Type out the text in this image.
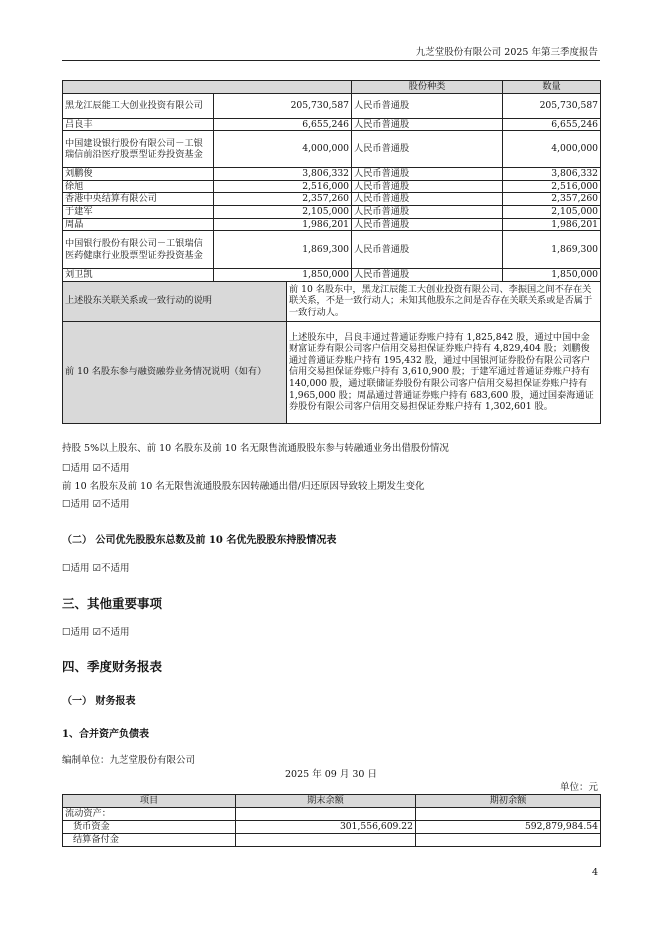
九芝堂股份有限公司 2025 年第三季度报告
			股份种类	数量
黑龙江辰能工大创业投资有限公司	205,730,587		人民币普通股	205,730,587
吕良丰	6,655,246		人民币普通股	6,655,246
中国建设银行股份有限公司－工银瑞信前沿医疗股票型证券投资基金	4,000,000		人民币普通股	4,000,000
刘鹏俊	3,806,332		人民币普通股	3,806,332
徐旭	2,516,000		人民币普通股	2,516,000
香港中央结算有限公司	2,357,260		人民币普通股	2,357,260
于建军	2,105,000		人民币普通股	2,105,000
周晶	1,986,201		人民币普通股	1,986,201
中国银行股份有限公司－工银瑞信医药健康行业股票型证券投资基金	1,869,300		人民币普通股	1,869,300
刘卫凯	1,850,000		人民币普通股	1,850,000
上述股东关联关系或一致行动的说明		前 10 名股东中，黑龙江辰能工大创业投资有限公司、李振国之间不存在关联关系，不是一致行动人；未知其他股东之间是否存在关联关系或是否属于一致行动人。		
前 10 名股东参与融资融券业务情况说明（如有）		上述股东中，吕良丰通过普通证券账户持有 1,825,842 股，通过中国中金财富证券有限公司客户信用交易担保证券账户持有 4,829,404 股；刘鹏俊通过普通证券账户持有 195,432 股，通过中国银河证券股份有限公司客户信用交易担保证券账户持有 3,610,900 股；于建军通过普通证券账户持有 140,000 股，通过联储证券股份有限公司客户信用交易担保证券账户持有 1,965,000 股；周晶通过普通证券账户持有 683,600 股，通过国泰海通证券股份有限公司客户信用交易担保证券账户持有 1,302,601 股。		
持股 5%以上股东、前 10 名股东及前 10 名无限售流通股股东参与转融通业务出借股份情况
☐适用 ☑不适用
前 10 名股东及前 10 名无限售流通股股东因转融通出借/归还原因导致较上期发生变化
☐适用 ☑不适用
（二） 公司优先股股东总数及前 10 名优先股股东持股情况表
☐适用 ☑不适用
三、其他重要事项
☐适用 ☑不适用
四、季度财务报表
（一） 财务报表
1、合并资产负债表
编制单位：九芝堂股份有限公司
2025 年 09 月 30 日
单位：元
项目	期末余额	期初余额
流动资产：		
货币资金	301,556,609.22	592,879,984.54
结算备付金		
4
